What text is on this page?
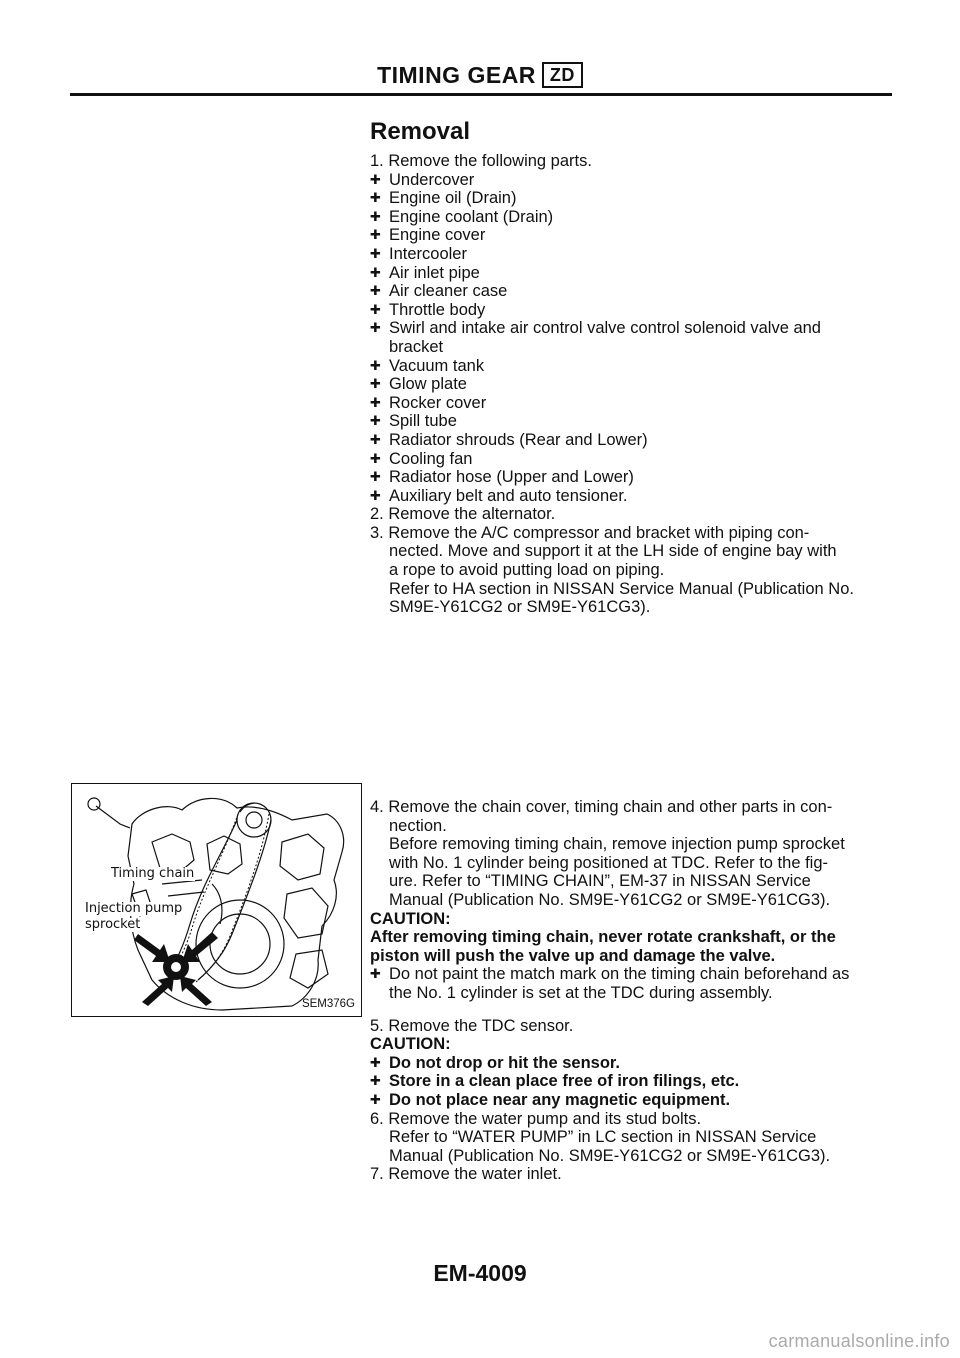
TIMING GEAR ZD
Removal
1. Remove the following parts.
✚ Undercover
✚ Engine oil (Drain)
✚ Engine coolant (Drain)
✚ Engine cover
✚ Intercooler
✚ Air inlet pipe
✚ Air cleaner case
✚ Throttle body
✚ Swirl and intake air control valve control solenoid valve and
bracket
✚ Vacuum tank
✚ Glow plate
✚ Rocker cover
✚ Spill tube
✚ Radiator shrouds (Rear and Lower)
✚ Cooling fan
✚ Radiator hose (Upper and Lower)
✚ Auxiliary belt and auto tensioner.
2. Remove the alternator.
3. Remove the A/C compressor and bracket with piping con-
nected. Move and support it at the LH side of engine bay with
a rope to avoid putting load on piping.
Refer to HA section in NISSAN Service Manual (Publication No.
SM9E-Y61CG2 or SM9E-Y61CG3).
4. Remove the chain cover, timing chain and other parts in con-
nection.
Before removing timing chain, remove injection pump sprocket
with No. 1 cylinder being positioned at TDC. Refer to the fig-
ure. Refer to “TIMING CHAIN”, EM-37 in NISSAN Service
Manual (Publication No. SM9E-Y61CG2 or SM9E-Y61CG3).
CAUTION:
After removing timing chain, never rotate crankshaft, or the
piston will push the valve up and damage the valve.
✚ Do not paint the match mark on the timing chain beforehand as
the No. 1 cylinder is set at the TDC during assembly.
5. Remove the TDC sensor.
CAUTION:
✚ Do not drop or hit the sensor.
✚ Store in a clean place free of iron filings, etc.
✚ Do not place near any magnetic equipment.
6. Remove the water pump and its stud bolts.
Refer to “WATER PUMP” in LC section in NISSAN Service
Manual (Publication No. SM9E-Y61CG2 or SM9E-Y61CG3).
7. Remove the water inlet.
Timing chain
Injection pump
sprocket
SEM376G
EM-4009
carmanualsonline.info
